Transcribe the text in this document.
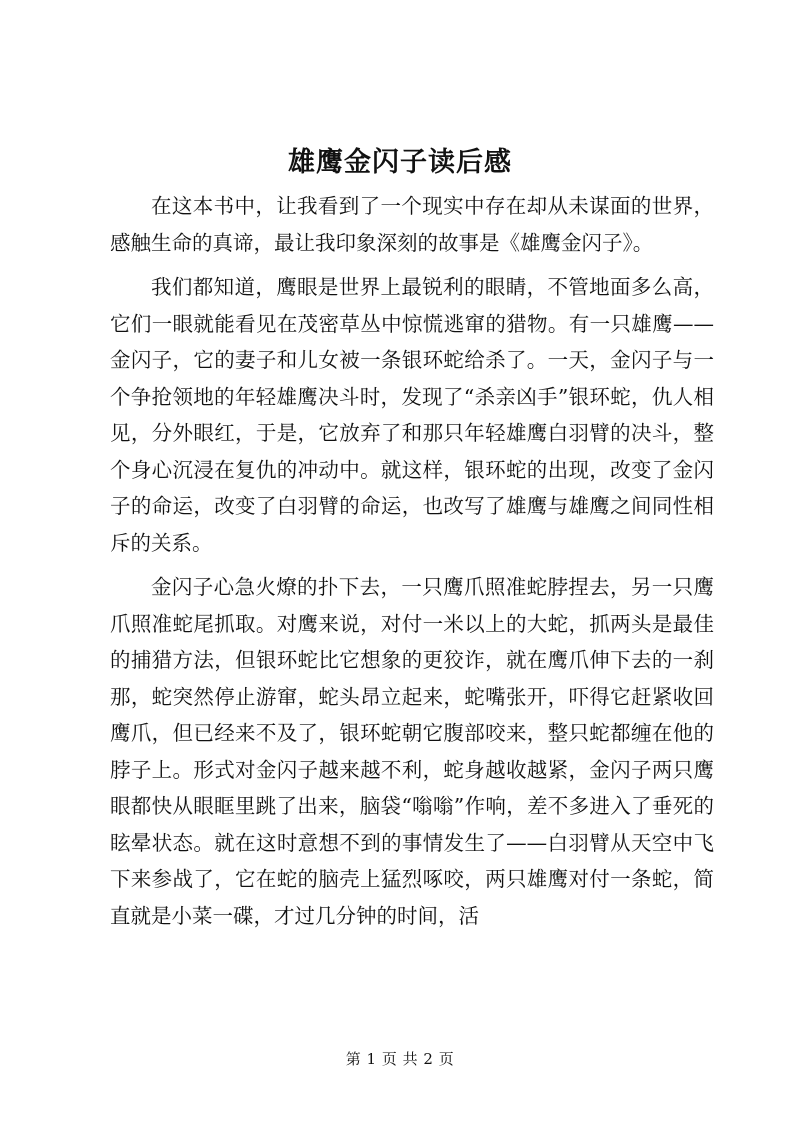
雄鹰金闪子读后感

在这本书中，让我看到了一个现实中存在却从未谋面的世界，感触生命的真谛，最让我印象深刻的故事是《雄鹰金闪子》。

我们都知道，鹰眼是世界上最锐利的眼睛，不管地面多么高，它们一眼就能看见在茂密草丛中惊慌逃窜的猎物。有一只雄鹰——金闪子，它的妻子和儿女被一条银环蛇给杀了。一天，金闪子与一个争抢领地的年轻雄鹰决斗时，发现了“杀亲凶手”银环蛇，仇人相见，分外眼红，于是，它放弃了和那只年轻雄鹰白羽臂的决斗，整个身心沉浸在复仇的冲动中。就这样，银环蛇的出现，改变了金闪子的命运，改变了白羽臂的命运，也改写了雄鹰与雄鹰之间同性相斥的关系。

金闪子心急火燎的扑下去，一只鹰爪照准蛇脖捏去，另一只鹰爪照准蛇尾抓取。对鹰来说，对付一米以上的大蛇，抓两头是最佳的捕猎方法，但银环蛇比它想象的更狡诈，就在鹰爪伸下去的一刹那，蛇突然停止游窜，蛇头昂立起来，蛇嘴张开，吓得它赶紧收回鹰爪，但已经来不及了，银环蛇朝它腹部咬来，整只蛇都缠在他的脖子上。形式对金闪子越来越不利，蛇身越收越紧，金闪子两只鹰眼都快从眼眶里跳了出来，脑袋“嗡嗡”作响，差不多进入了垂死的眩晕状态。就在这时意想不到的事情发生了——白羽臂从天空中飞下来参战了，它在蛇的脑壳上猛烈啄咬，两只雄鹰对付一条蛇，简直就是小菜一碟，才过几分钟的时间，活

第 1 页 共 2 页
